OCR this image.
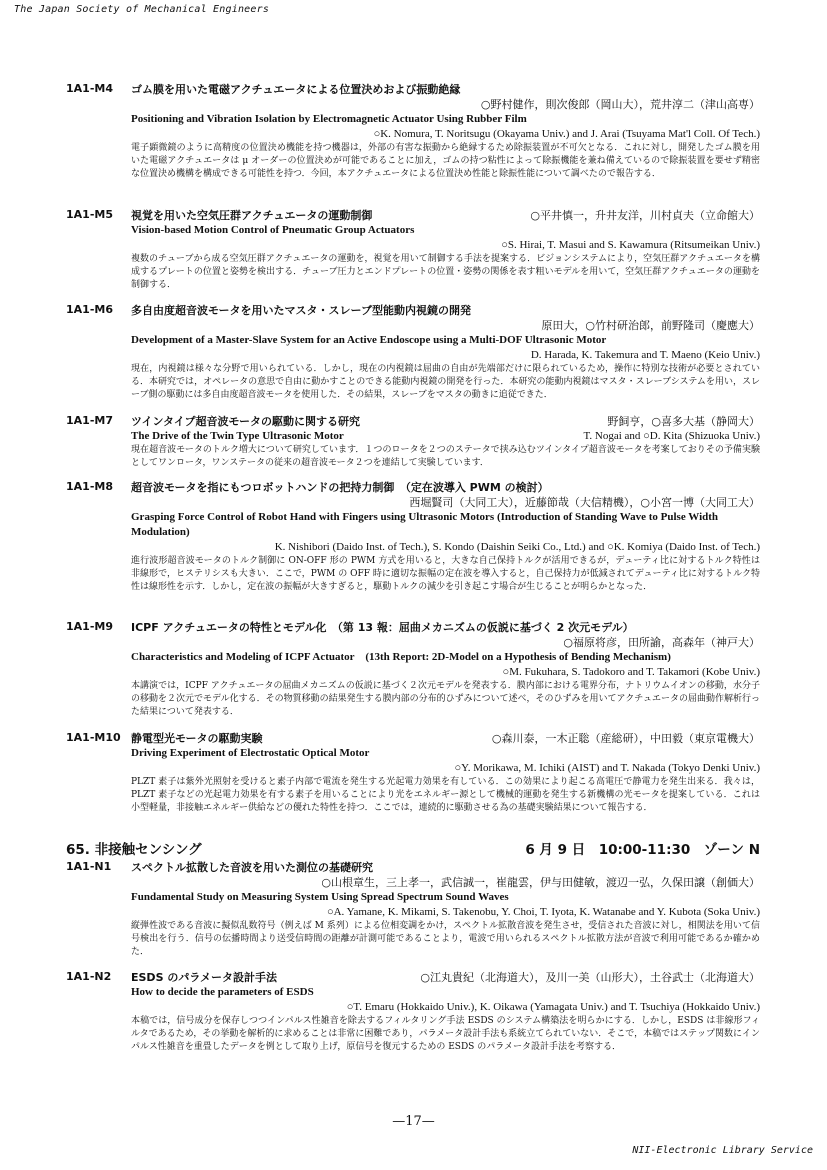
The Japan Society of Mechanical Engineers
1A1-M4 ゴム膜を用いた電磁アクチュエータによる位置決めおよび振動絶縁
○野村健作，則次俊郎（岡山大），荒井淳二（津山高専）
Positioning and Vibration Isolation by Electromagnetic Actuator Using Rubber Film
○K. Nomura, T. Noritsugu (Okayama Univ.) and J. Arai (Tsuyama Mat'l Coll. Of Tech.)
電子顕微鏡のように高精度の位置決め機能を持つ機器は，外部の有害な振動から絶縁するため除振装置が不可欠となる．これに対し，開発したゴム膜を用いた電磁アクチュエータは μ オーダーの位置決めが可能であることに加え，ゴムの持つ粘性によって除振機能を兼ね備えているので除振装置を要せず精密な位置決め機構を構成できる可能性を持つ．今回，本アクチュエータによる位置決め性能と除振性能について調べたので報告する．
1A1-M5 視覚を用いた空気圧群アクチュエータの運動制御	○平井慎一，升井友洋，川村貞夫（立命館大）
Vision-based Motion Control of Pneumatic Group Actuators
○S. Hirai, T. Masui and S. Kawamura (Ritsumeikan Univ.)
複数のチューブから成る空気圧群アクチュエータの運動を，視覚を用いて制御する手法を提案する．ビジョンシステムにより，空気圧群アクチュエータを構成するプレートの位置と姿勢を検出する．チューブ圧力とエンドプレートの位置・姿勢の関係を表す粗いモデルを用いて，空気圧群アクチュエータの運動を制御する．
1A1-M6 多自由度超音波モータを用いたマスタ・スレーブ型能動内視鏡の開発
原田大，○竹村研治郎，前野隆司（慶應大）
Development of a Master-Slave System for an Active Endoscope using a Multi-DOF Ultrasonic Motor
D. Harada, K. Takemura and T. Maeno (Keio Univ.)
現在，内視鏡は様々な分野で用いられている．しかし，現在の内視鏡は屈曲の自由が先端部だけに限られているため，操作に特別な技術が必要とされている．本研究では，オペレータの意思で自由に動かすことのできる能動内視鏡の開発を行った．本研究の能動内視鏡はマスタ・スレーブシステムを用い，スレーブ側の駆動には多自由度超音波モータを使用した．その結果，スレーブをマスタの動きに追従できた．
1A1-M7 ツインタイプ超音波モータの駆動に関する研究	野飼亨，○喜多大基（静岡大）
The Drive of the Twin Type Ultrasonic Motor	T. Nogai and ○D. Kita (Shizuoka Univ.)
現在超音波モータのトルク増大について研究しています．１つのロータを２つのステータで挟み込むツインタイプ超音波モータを考案しておりその予備実験としてワンロータ，ワンステータの従来の超音波モータ２つを連結して実験しています．
1A1-M8 超音波モータを指にもつロボットハンドの把持力制御　（定在波導入 PWM の検討）
西堀賢司（大同工大），近藤節哉（大信精機），○小宮一博（大同工大）
Grasping Force Control of Robot Hand with Fingers using Ultrasonic Motors (Introduction of Standing Wave to Pulse Width Modulation)
K. Nishibori (Daido Inst. of Tech.), S. Kondo (Daishin Seiki Co., Ltd.) and ○K. Komiya (Daido Inst. of Tech.)
進行波形超音波モータのトルク制御に ON-OFF 形の PWM 方式を用いると，大きな自己保持トルクが活用できるが，デューティ比に対するトルク特性は非線形で，ヒステリシスも大きい．ここで，PWM の OFF 時に適切な振幅の定在波を導入すると，自己保持力が低減されてデューティ比に対するトルク特性は線形性を示す．しかし，定在波の振幅が大きすぎると，駆動トルクの減少を引き起こす場合が生じることが明らかとなった．
1A1-M9 ICPF アクチュエータの特性とモデル化　（第 13 報：屈曲メカニズムの仮説に基づく 2 次元モデル）
○福原将彦，田所諭，高森年（神戸大）
Characteristics and Modeling of ICPF Actuator　(13th Report: 2D-Model on a Hypothesis of Bending Mechanism)
○M. Fukuhara, S. Tadokoro and T. Takamori (Kobe Univ.)
本講演では，ICPF アクチュエータの屈曲メカニズムの仮説に基づく２次元モデルを発表する．膜内部における電界分布，ナトリウムイオンの移動，水分子の移動を２次元でモデル化する．その物質移動の結果発生する膜内部の分布的ひずみについて述べ，そのひずみを用いてアクチュエータの屈曲動作解析行った結果について発表する．
1A1-M10 静電型光モータの駆動実験	○森川泰，一木正聡（産総研），中田毅（東京電機大）
Driving Experiment of Electrostatic Optical Motor
○Y. Morikawa, M. Ichiki (AIST) and T. Nakada (Tokyo Denki Univ.)
PLZT 素子は紫外光照射を受けると素子内部で電流を発生する光起電力効果を有している．この効果により起こる高電圧で静電力を発生出来る．我々は，PLZT 素子などの光起電力効果を有する素子を用いることにより光をエネルギー源として機械的運動を発生する新機構の光モータを提案している．これは小型軽量，非接触エネルギー供給などの優れた特性を持つ．ここでは，連続的に駆動させる為の基礎実験結果について報告する．
65. 非接触センシング	6 月 9 日　10:00-11:30　ゾーン N
1A1-N1 スペクトル拡散した音波を用いた測位の基礎研究
○山根章生，三上孝一，武信誠一，崔龍雲，伊与田健敏，渡辺一弘，久保田譲（創価大）
Fundamental Study on Measuring System Using Spread Spectrum Sound Waves
○A. Yamane, K. Mikami, S. Takenobu, Y. Choi, T. Iyota, K. Watanabe and Y. Kubota (Soka Univ.)
縦弾性波である音波に擬似乱数符号（例えば M 系列）による位相変調をかけ，スペクトル拡散音波を発生させ，受信された音波に対し，相関法を用いて信号検出を行う．信号の伝播時間より送受信時間の距離が計測可能であることより，電波で用いられるスペクトル拡散方法が音波で利用可能であるか確かめた．
1A1-N2 ESDS のパラメータ設計手法	○江丸貴紀（北海道大），及川一美（山形大），土谷武士（北海道大）
How to decide the parameters of ESDS
○T. Emaru (Hokkaido Univ.), K. Oikawa (Yamagata Univ.) and T. Tsuchiya (Hokkaido Univ.)
本稿では，信号成分を保存しつつインパルス性雑音を除去するフィルタリング手法 ESDS のシステム構築法を明らかにする．しかし，ESDS は非線形フィルタであるため，その挙動を解析的に求めることは非常に困難であり，パラメータ設計手法も系統立てられていない．そこで，本稿ではステップ関数にインパルス性雑音を重畳したデータを例として取り上げ，原信号を復元するための ESDS のパラメータ設計手法を考察する．
—17—
NII-Electronic Library Service
